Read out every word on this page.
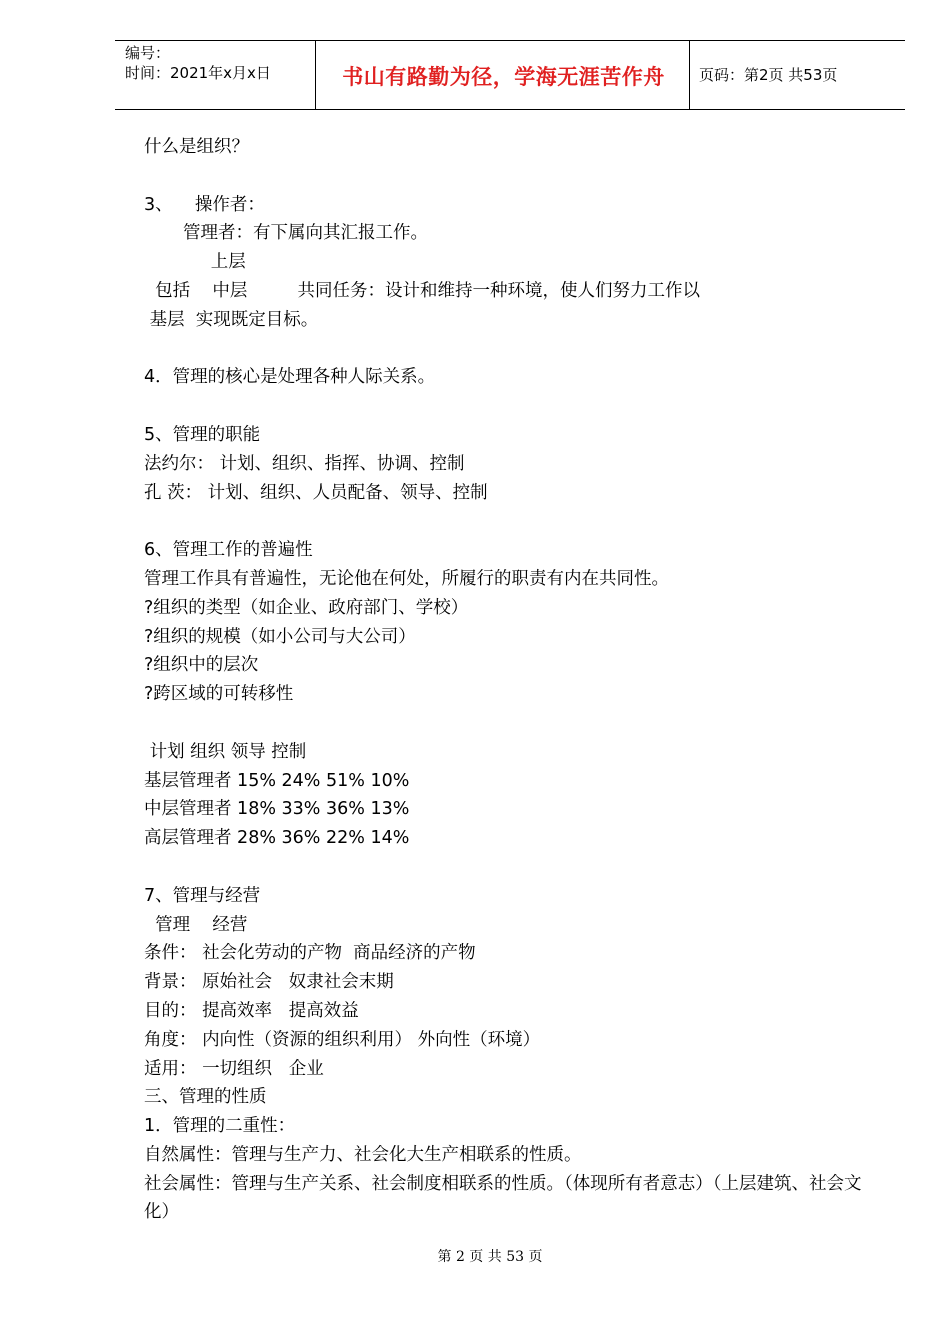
编号：
时间：2021年x月x日	书山有路勤为径，学海无涯苦作舟	页码：第2页 共53页
什么是组织？
3、    操作者：
管理者：有下属向其汇报工作。
上层
包括    中层         共同任务：设计和维持一种环境，使人们努力工作以
基层  实现既定目标。
4．管理的核心是处理各种人际关系。
5、管理的职能
法约尔： 计划、组织、指挥、协调、控制
孔 茨： 计划、组织、人员配备、领导、控制
6、管理工作的普遍性
管理工作具有普遍性，无论他在何处，所履行的职责有内在共同性。
?组织的类型（如企业、政府部门、学校）
?组织的规模（如小公司与大公司）
?组织中的层次
?跨区域的可转移性
计划 组织 领导 控制
基层管理者 15% 24% 51% 10%
中层管理者 18% 33% 36% 13%
高层管理者 28% 36% 22% 14%
7、管理与经营
管理    经营
条件： 社会化劳动的产物  商品经济的产物
背景： 原始社会   奴隶社会末期
目的： 提高效率   提高效益
角度： 内向性（资源的组织利用） 外向性（环境）
适用： 一切组织   企业
三、管理的性质
1．管理的二重性：
自然属性：管理与生产力、社会化大生产相联系的性质。
社会属性：管理与生产关系、社会制度相联系的性质。（体现所有者意志）（上层建筑、社会文化）
第 2 页 共 53 页
